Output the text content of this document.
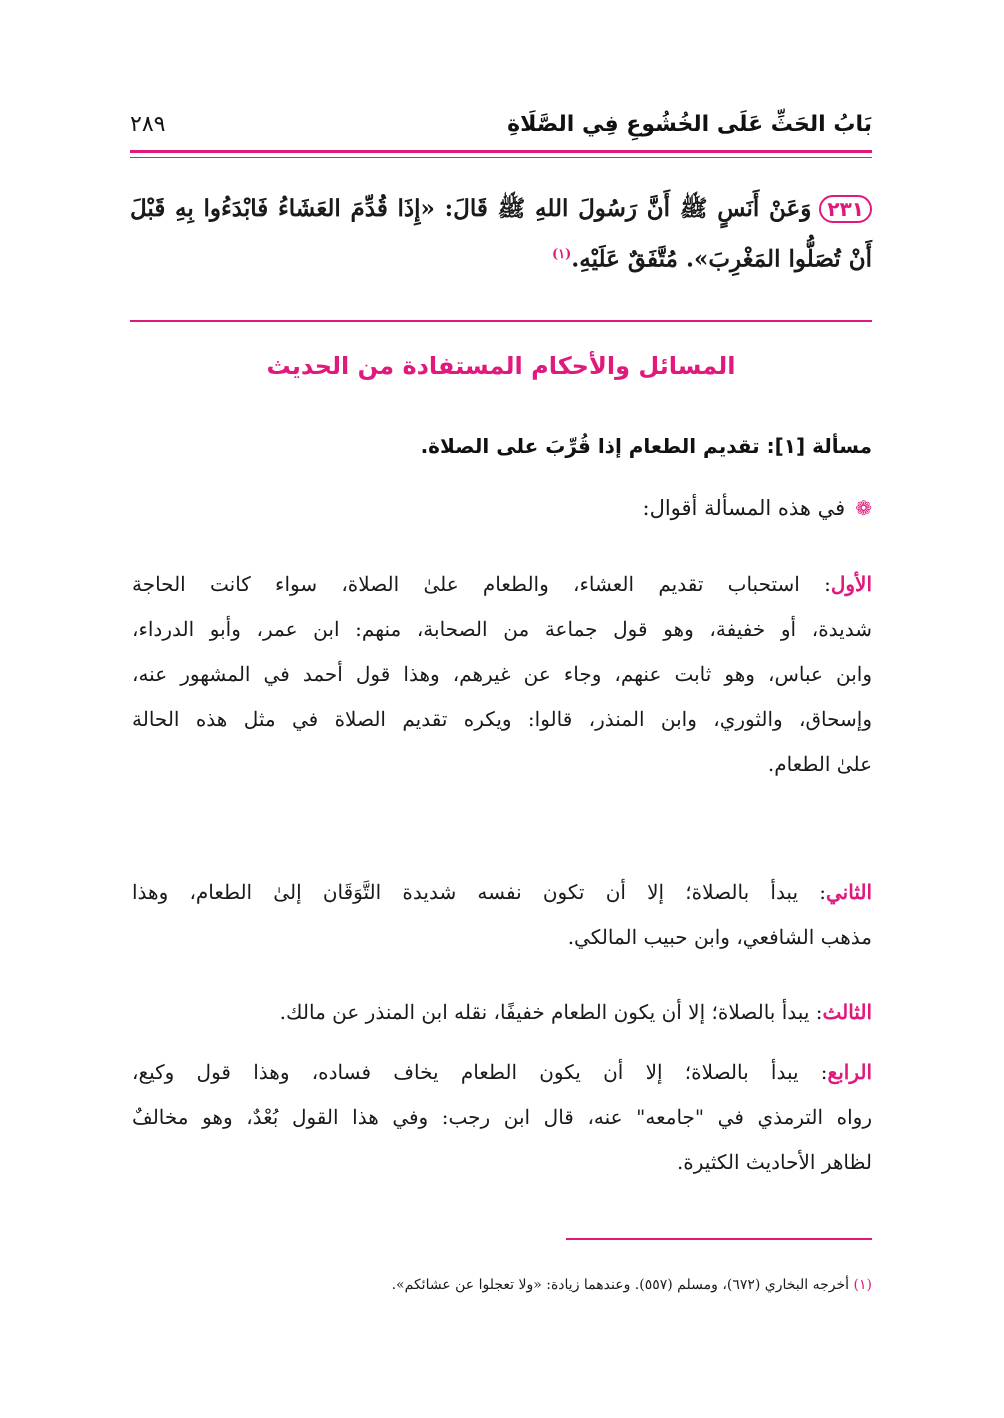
بَابُ الحَثِّ عَلَى الخُشُوعِ فِي الصَّلَاةِ
٢٨٩
٢٣١وَعَنْ أَنَسٍ ﷺ أَنَّ رَسُولَ اللهِ ﷺ قَالَ: «إِذَا قُدِّمَ العَشَاءُ فَابْدَءُوا بِهِ قَبْلَ
أَنْ تُصَلُّوا المَغْرِبَ». مُتَّفَقٌ عَلَيْهِ.$^{(١)}$
المسائل والأحكام المستفادة من الحديث
مسألة [١]: تقديم الطعام إذا قُرِّبَ على الصلاة.
❁في هذه المسألة أقوال:
الأول: استحباب تقديم العشاء، والطعام علىٰ الصلاة، سواء كانت الحاجة
شديدة، أو خفيفة، وهو قول جماعة من الصحابة، منهم: ابن عمر، وأبو الدرداء،
وابن عباس، وهو ثابت عنهم، وجاء عن غيرهم، وهذا قول أحمد في المشهور عنه،
وإسحاق، والثوري، وابن المنذر، قالوا: ويكره تقديم الصلاة في مثل هذه الحالة
علىٰ الطعام.
الثاني: يبدأ بالصلاة؛ إلا أن تكون نفسه شديدة التَّوَقَان إلىٰ الطعام، وهذا
مذهب الشافعي، وابن حبيب المالكي.
الثالث: يبدأ بالصلاة؛ إلا أن يكون الطعام خفيفًا، نقله ابن المنذر عن مالك.
الرابع: يبدأ بالصلاة؛ إلا أن يكون الطعام يخاف فساده، وهذا قول وكيع،
رواه الترمذي في "جامعه" عنه، قال ابن رجب: وفي هذا القول بُعْدٌ، وهو مخالفٌ
لظاهر الأحاديث الكثيرة.
(١) أخرجه البخاري (٦٧٢)، ومسلم (٥٥٧). وعندهما زيادة: «ولا تعجلوا عن عشائكم».
